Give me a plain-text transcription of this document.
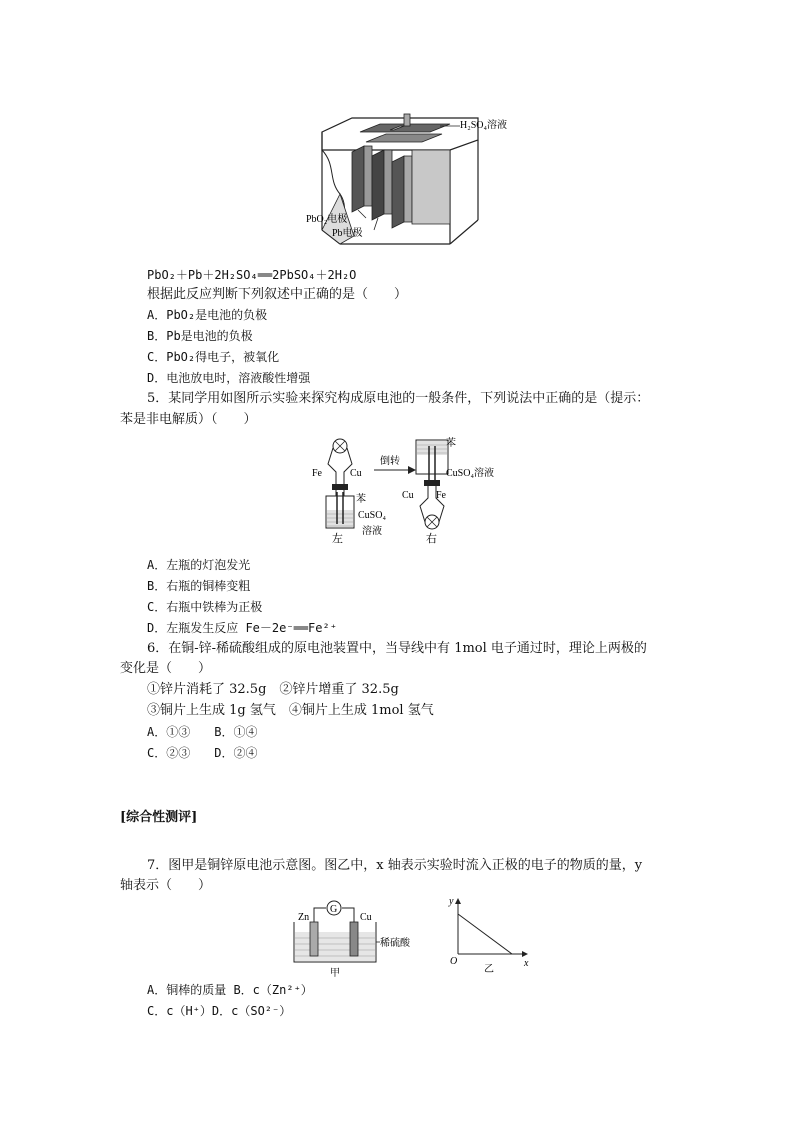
H₂SO₄溶液
PbO₂电极
Pb电极
PbO₂＋Pb＋2H₂SO₄══2PbSO₄＋2H₂O
根据此反应判断下列叙述中正确的是（　　）
A．PbO₂是电池的负极
B．Pb是电池的负极
C．PbO₂得电子，被氧化
D．电池放电时，溶液酸性增强
5．某同学用如图所示实验来探究构成原电池的一般条件，下列说法中正确的是（提示：
苯是非电解质）（　　）
Fe	Cu
苯
CuSO₄
溶液
左
倒转
苯
CuSO₄溶液
Cu Fe
右
A．左瓶的灯泡发光
B．右瓶的铜棒变粗
C．右瓶中铁棒为正极
D．左瓶发生反应 Fe－2e⁻══Fe²⁺
6．在铜-锌-稀硫酸组成的原电池装置中，当导线中有 1mol 电子通过时，理论上两极的
变化是（　　）
①锌片消耗了 32.5g　②锌片增重了 32.5g
③铜片上生成 1g 氢气　④铜片上生成 1mol 氢气
A．①③　　B．①④
C．②③　　D．②④
[综合性测评]
7．图甲是铜锌原电池示意图。图乙中，x 轴表示实验时流入正极的电子的物质的量，y
轴表示（　　）
G
Zn	Cu
稀硫酸
甲
y
x
O
乙
A．铜棒的质量 B．c（Zn²⁺）
C．c（H⁺）D．c（SO²⁻）
